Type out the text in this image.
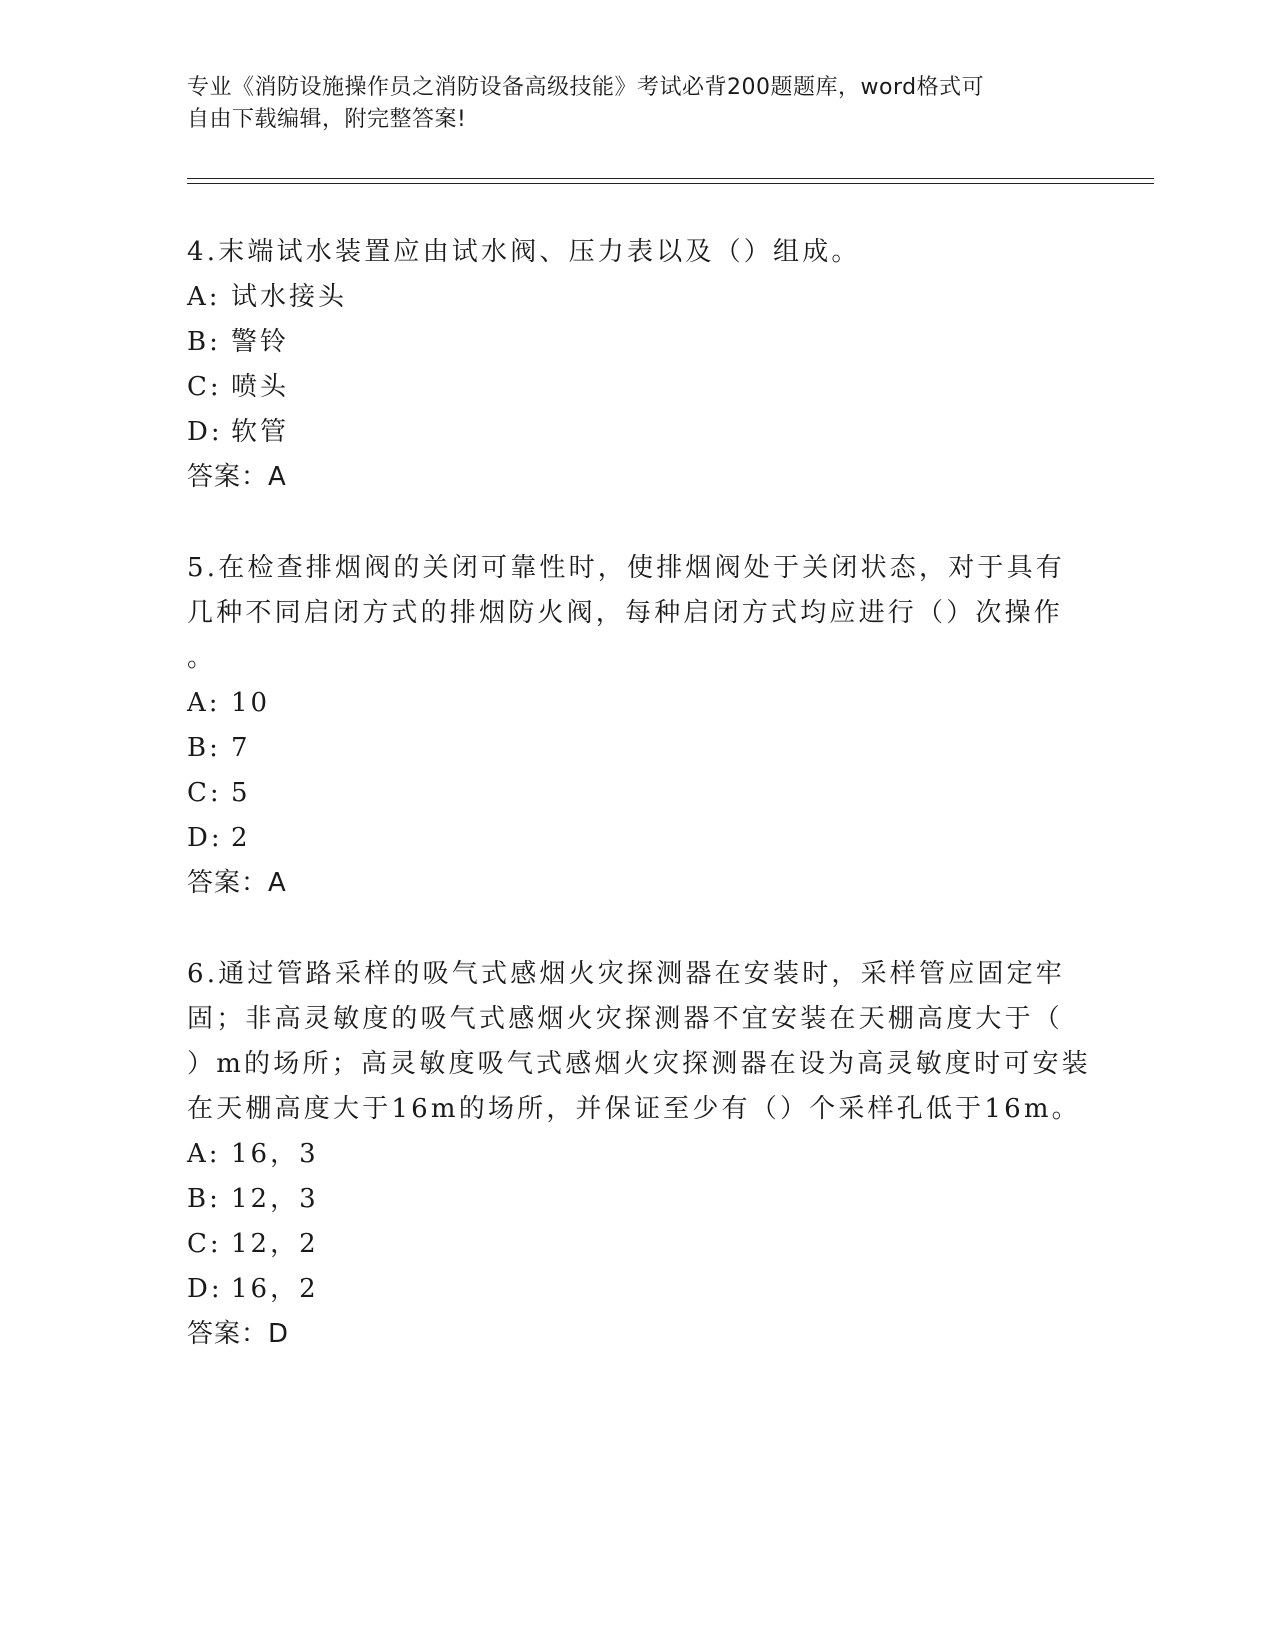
专业《消防设施操作员之消防设备高级技能》考试必背200题题库，word格式可
自由下载编辑，附完整答案!
4.末端试水装置应由试水阀、压力表以及（）组成。
A: 试水接头
B: 警铃
C: 喷头
D: 软管
答案：A
5.在检查排烟阀的关闭可靠性时，使排烟阀处于关闭状态，对于具有
几种不同启闭方式的排烟防火阀，每种启闭方式均应进行（）次操作
。
A: 10
B: 7
C: 5
D: 2
答案：A
6.通过管路采样的吸气式感烟火灾探测器在安装时，采样管应固定牢
固；非高灵敏度的吸气式感烟火灾探测器不宜安装在天棚高度大于（
）m的场所；高灵敏度吸气式感烟火灾探测器在设为高灵敏度时可安装
在天棚高度大于16m的场所，并保证至少有（）个采样孔低于16m。
A: 16，3
B: 12，3
C: 12，2
D: 16，2
答案：D
